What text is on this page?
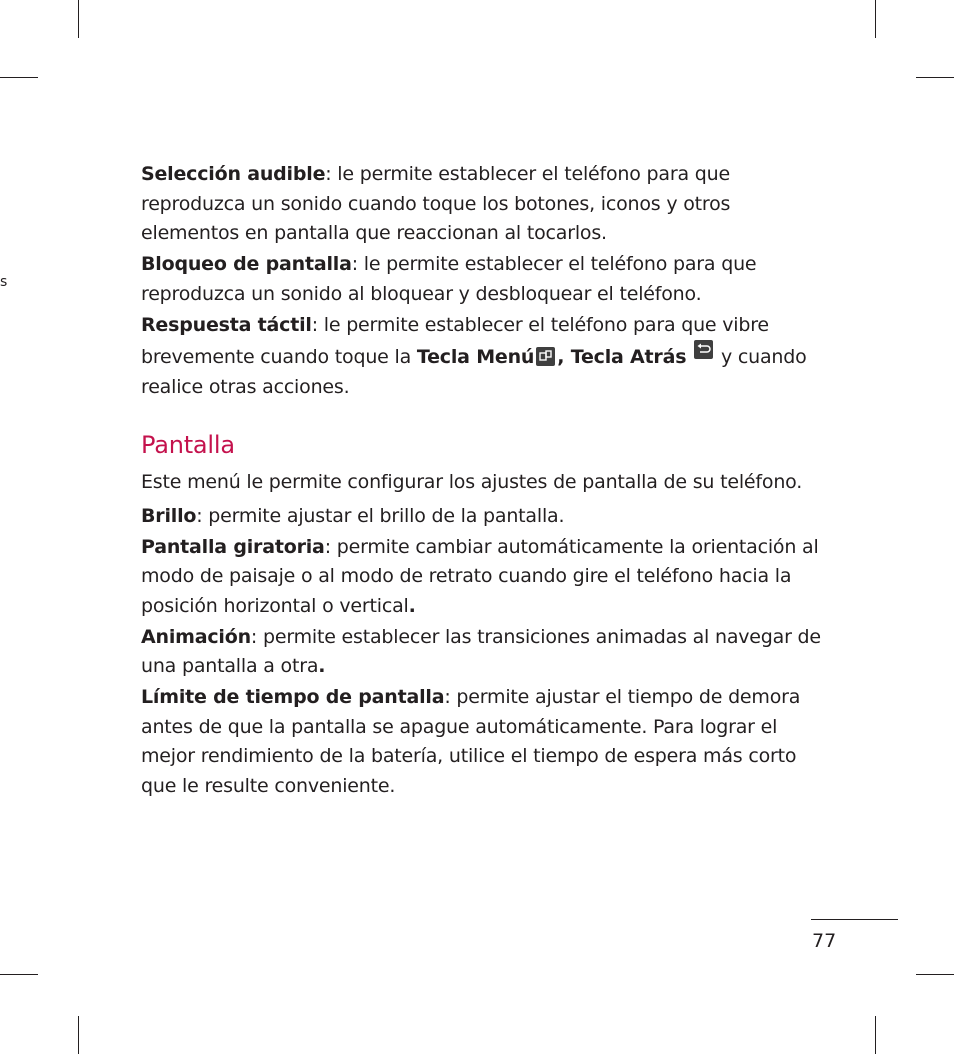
s

Selección audible: le permite establecer el teléfono para que reproduzca un sonido cuando toque los botones, iconos y otros elementos en pantalla que reaccionan al tocarlos.

Bloqueo de pantalla: le permite establecer el teléfono para que reproduzca un sonido al bloquear y desbloquear el teléfono.

Respuesta táctil: le permite establecer el teléfono para que vibre brevemente cuando toque la Tecla Menú , Tecla Atrás
y cuando realice otras acciones.

Pantalla

Este menú le permite configurar los ajustes de pantalla de su teléfono.

Brillo: permite ajustar el brillo de la pantalla.

Pantalla giratoria: permite cambiar automáticamente la orientación al modo de paisaje o al modo de retrato cuando gire el teléfono hacia la posición horizontal o vertical.

Animación: permite establecer las transiciones animadas al navegar de una pantalla a otra.

Límite de tiempo de pantalla: permite ajustar el tiempo de demora antes de que la pantalla se apague automáticamente. Para lograr el mejor rendimiento de la batería, utilice el tiempo de espera más corto que le resulte conveniente.

77
